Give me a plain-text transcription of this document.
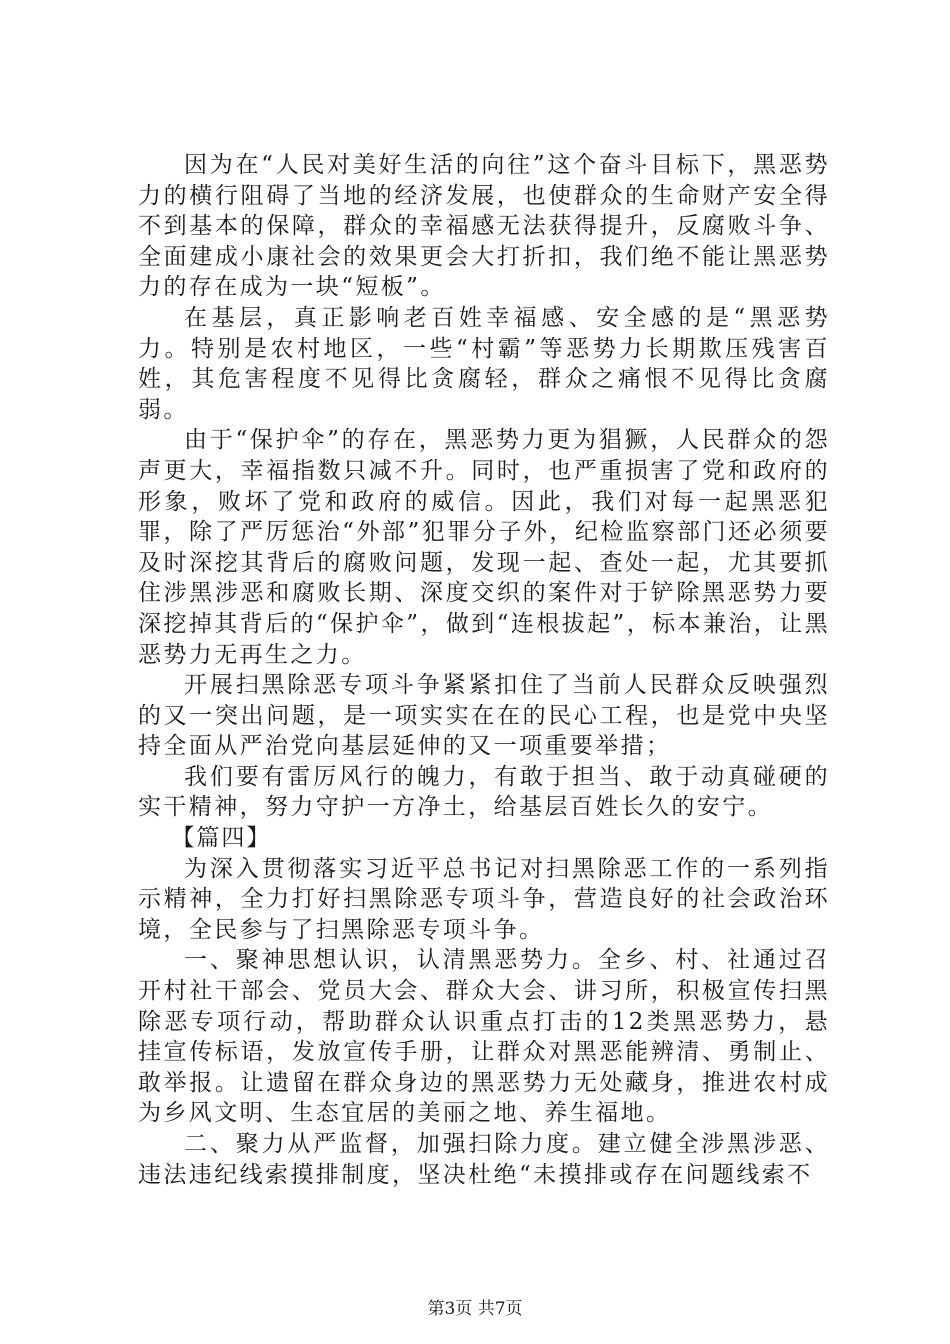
因为在“人民对美好生活的向往”这个奋斗目标下，黑恶势力的横行阻碍了当地的经济发展，也使群众的生命财产安全得不到基本的保障，群众的幸福感无法获得提升，反腐败斗争、全面建成小康社会的效果更会大打折扣，我们绝不能让黑恶势力的存在成为一块“短板”。

在基层，真正影响老百姓幸福感、安全感的是“黑恶势力。特别是农村地区，一些“村霸”等恶势力长期欺压残害百姓，其危害程度不见得比贪腐轻，群众之痛恨不见得比贪腐弱。

由于“保护伞”的存在，黑恶势力更为猖獗，人民群众的怨声更大，幸福指数只减不升。同时，也严重损害了党和政府的形象，败坏了党和政府的威信。因此，我们对每一起黑恶犯罪，除了严厉惩治“外部”犯罪分子外，纪检监察部门还必须要及时深挖其背后的腐败问题，发现一起、查处一起，尤其要抓住涉黑涉恶和腐败长期、深度交织的案件对于铲除黑恶势力要深挖掉其背后的“保护伞”，做到“连根拔起”，标本兼治，让黑恶势力无再生之力。

开展扫黑除恶专项斗争紧紧扣住了当前人民群众反映强烈的又一突出问题，是一项实实在在的民心工程，也是党中央坚持全面从严治党向基层延伸的又一项重要举措；

我们要有雷厉风行的魄力，有敢于担当、敢于动真碰硬的实干精神，努力守护一方净土，给基层百姓长久的安宁。

【篇四】

为深入贯彻落实习近平总书记对扫黑除恶工作的一系列指示精神，全力打好扫黑除恶专项斗争，营造良好的社会政治环境，全民参与了扫黑除恶专项斗争。

一、聚神思想认识，认清黑恶势力。全乡、村、社通过召开村社干部会、党员大会、群众大会、讲习所，积极宣传扫黑除恶专项行动，帮助群众认识重点打击的12类黑恶势力，悬挂宣传标语，发放宣传手册，让群众对黑恶能辨清、勇制止、敢举报。让遗留在群众身边的黑恶势力无处藏身，推进农村成为乡风文明、生态宜居的美丽之地、养生福地。

二、聚力从严监督，加强扫除力度。建立健全涉黑涉恶、违法违纪线索摸排制度，坚决杜绝“未摸排或存在问题线索不

第3页 共7页
